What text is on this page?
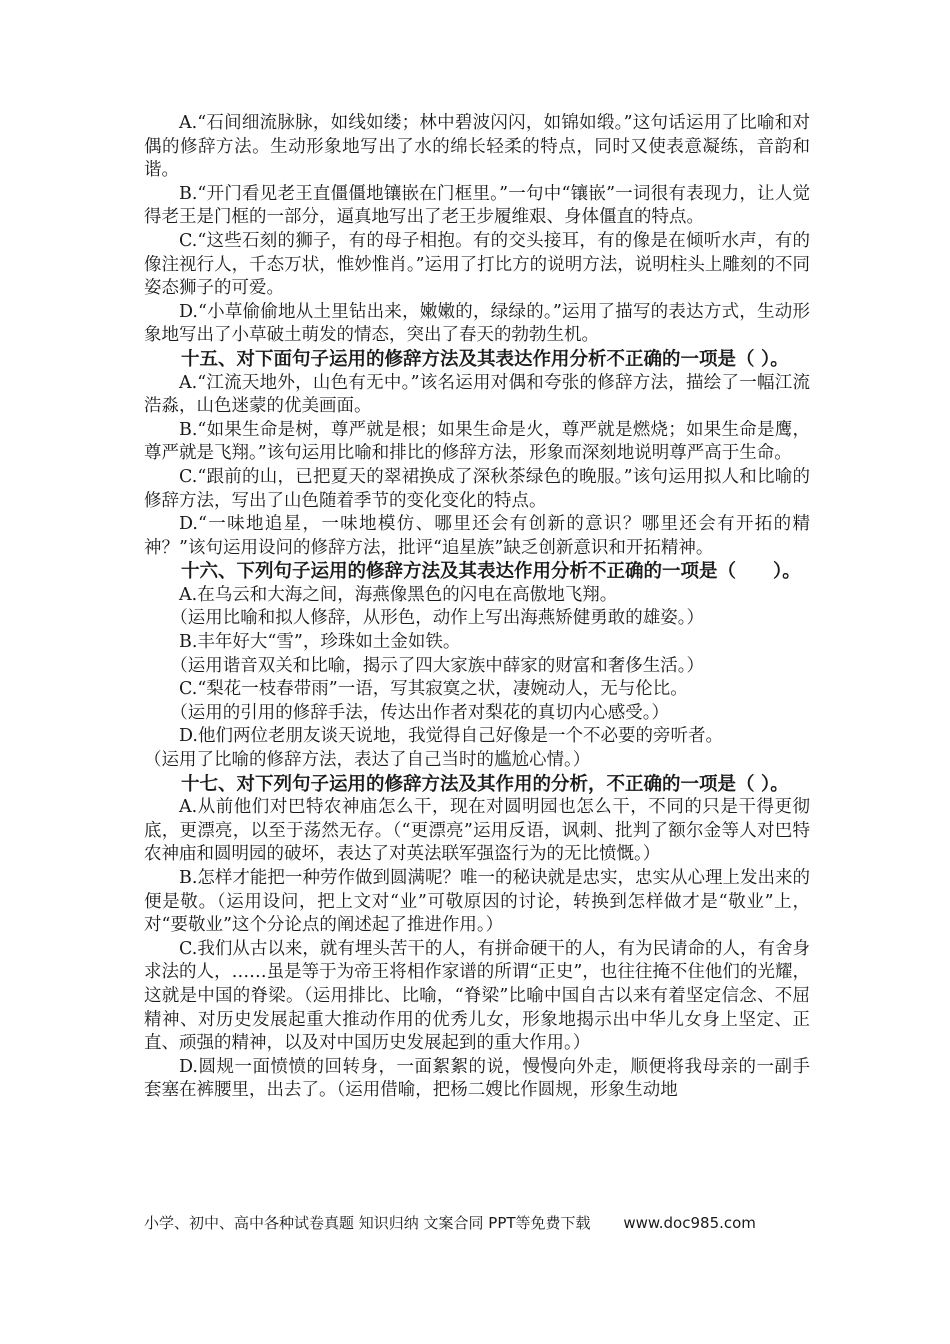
A.“石间细流脉脉，如线如缕；林中碧波闪闪，如锦如缎。”这句话运用了比喻和对偶的修辞方法。生动形象地写出了水的绵长轻柔的特点，同时又使表意凝练，音韵和谐。

B.“开门看见老王直僵僵地镶嵌在门框里。”一句中“镶嵌”一词很有表现力，让人觉得老王是门框的一部分，逼真地写出了老王步履维艰、身体僵直的特点。

C.“这些石刻的狮子，有的母子相抱。有的交头接耳，有的像是在倾听水声，有的像注视行人，千态万状，惟妙惟肖。”运用了打比方的说明方法，说明柱头上雕刻的不同姿态狮子的可爱。

D.“小草偷偷地从土里钻出来，嫩嫩的，绿绿的。”运用了描写的表达方式，生动形象地写出了小草破土萌发的情态，突出了春天的勃勃生机。

十五、对下面句子运用的修辞方法及其表达作用分析不正确的一项是（ ）。

A.“江流天地外，山色有无中。”该名运用对偶和夸张的修辞方法，描绘了一幅江流浩淼，山色迷蒙的优美画面。

B.“如果生命是树，尊严就是根；如果生命是火，尊严就是燃烧；如果生命是鹰，尊严就是飞翔。”该句运用比喻和排比的修辞方法，形象而深刻地说明尊严高于生命。

C.“跟前的山，已把夏天的翠裙换成了深秋茶绿色的晚服。”该句运用拟人和比喻的修辞方法，写出了山色随着季节的变化变化的特点。

D.“一味地追星，一味地模仿、哪里还会有创新的意识？哪里还会有开拓的精神？”该句运用设问的修辞方法，批评“追星族”缺乏创新意识和开拓精神。

十六、下列句子运用的修辞方法及其表达作用分析不正确的一项是（　　）。

A.在乌云和大海之间，海燕像黑色的闪电在高傲地飞翔。

（运用比喻和拟人修辞，从形色，动作上写出海燕矫健勇敢的雄姿。）

B.丰年好大“雪”，珍珠如土金如铁。

（运用谐音双关和比喻，揭示了四大家族中薛家的财富和奢侈生活。）

C.“梨花一枝春带雨”一语，写其寂寞之状，凄婉动人，无与伦比。

（运用的引用的修辞手法，传达出作者对梨花的真切内心感受。）

D.他们两位老朋友谈天说地，我觉得自己好像是一个不必要的旁听者。

（运用了比喻的修辞方法，表达了自己当时的尴尬心情。）

十七、对下列句子运用的修辞方法及其作用的分析，不正确的一项是（ ）。

A.从前他们对巴特农神庙怎么干，现在对圆明园也怎么干，不同的只是干得更彻底，更漂亮，以至于荡然无存。（“更漂亮”运用反语，讽刺、批判了额尔金等人对巴特农神庙和圆明园的破坏，表达了对英法联军强盗行为的无比愤慨。）

B.怎样才能把一种劳作做到圆满呢？唯一的秘诀就是忠实，忠实从心理上发出来的便是敬。（运用设问，把上文对“业”可敬原因的讨论，转换到怎样做才是“敬业”上，对“要敬业”这个分论点的阐述起了推进作用。）

C.我们从古以来，就有埋头苦干的人，有拼命硬干的人，有为民请命的人，有舍身求法的人，……虽是等于为帝王将相作家谱的所谓“正史”，也往往掩不住他们的光耀，这就是中国的脊梁。（运用排比、比喻，“脊梁”比喻中国自古以来有着坚定信念、不屈精神、对历史发展起重大推动作用的优秀儿女，形象地揭示出中华儿女身上坚定、正直、顽强的精神，以及对中国历史发展起到的重大作用。）

D.圆规一面愤愤的回转身，一面絮絮的说，慢慢向外走，顺便将我母亲的一副手套塞在裤腰里，出去了。（运用借喻，把杨二嫂比作圆规，形象生动地

小学、初中、高中各种试卷真题 知识归纳 文案合同 PPT等免费下载 www.doc985.com
